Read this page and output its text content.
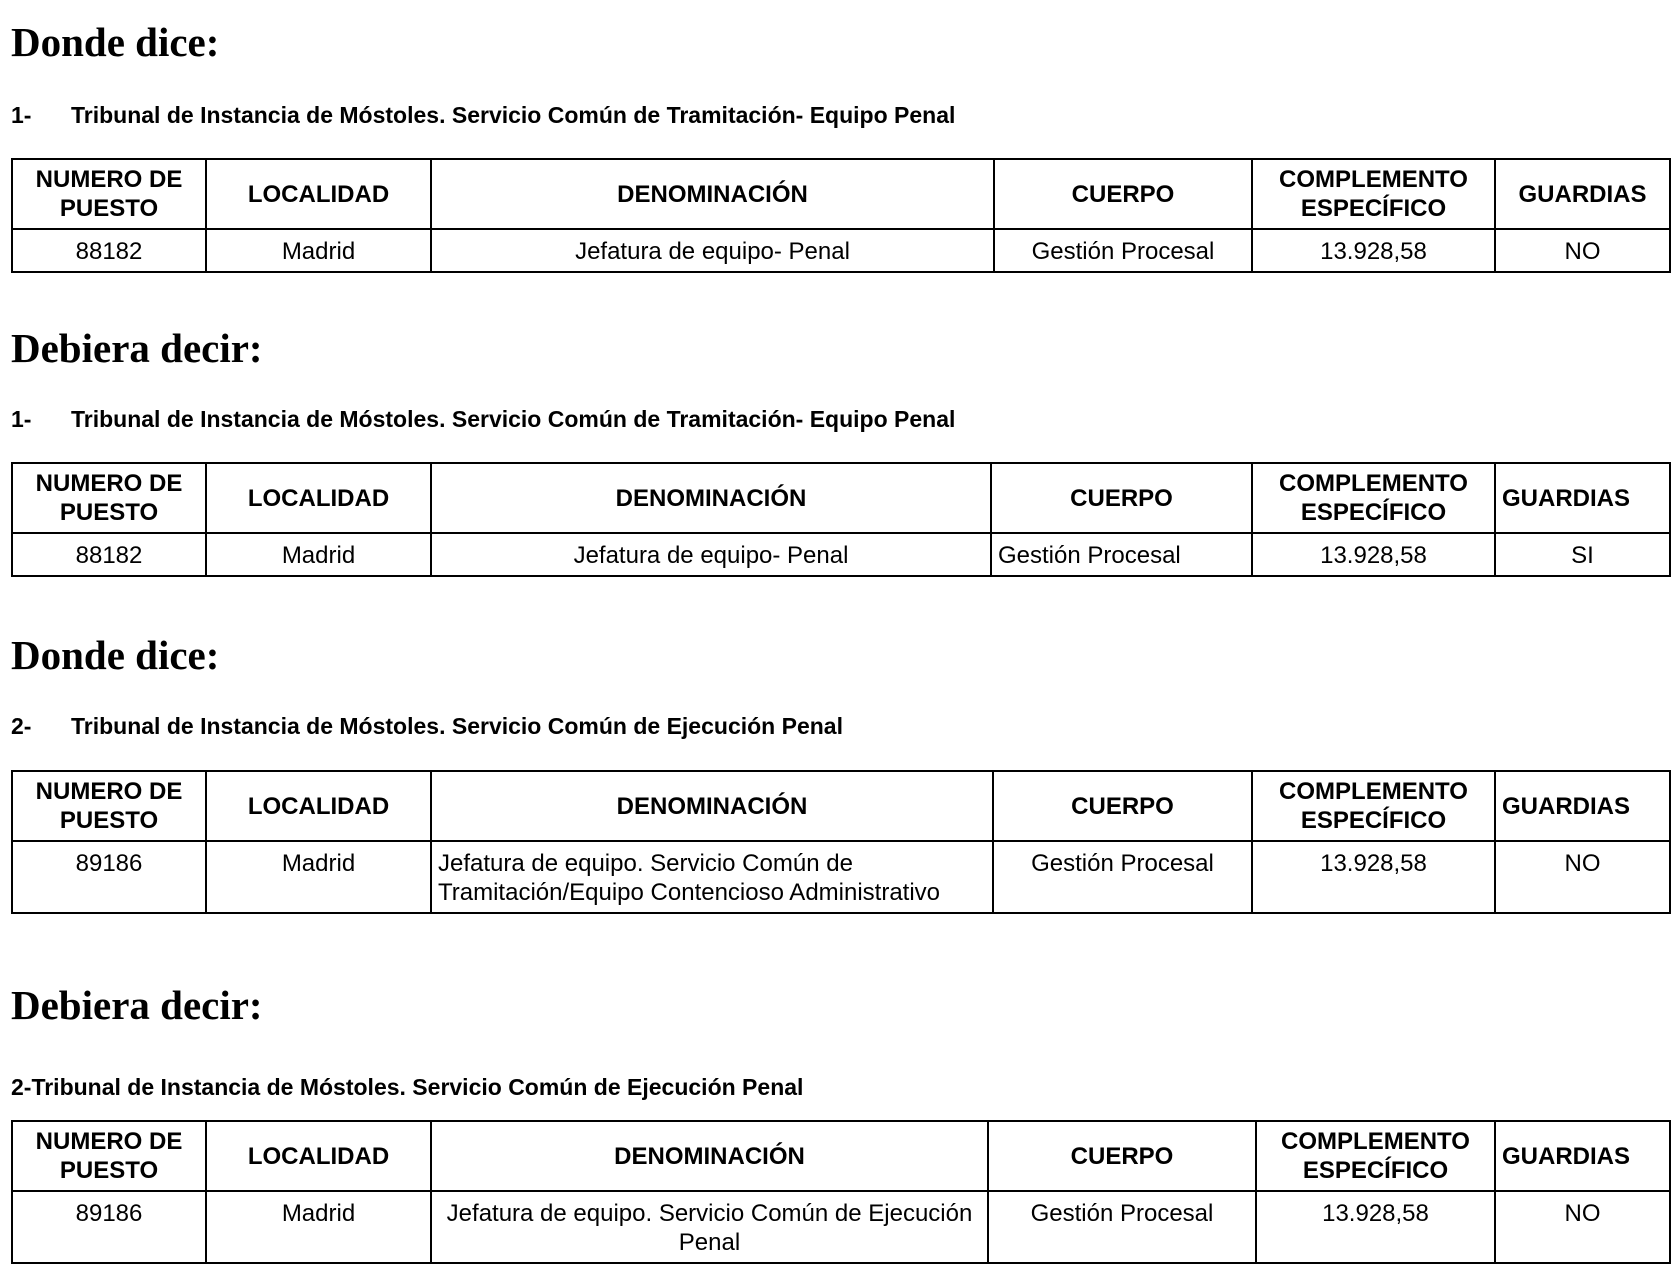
Donde dice:

1- Tribunal de Instancia de Móstoles. Servicio Común de Tramitación- Equipo Penal

NUMERO DE PUESTO	LOCALIDAD	DENOMINACIÓN	CUERPO	COMPLEMENTO ESPECÍFICO	GUARDIAS
88182	Madrid	Jefatura de equipo- Penal	Gestión Procesal	13.928,58	NO
Debiera decir:

1- Tribunal de Instancia de Móstoles. Servicio Común de Tramitación- Equipo Penal

NUMERO DE PUESTO	LOCALIDAD	DENOMINACIÓN	CUERPO	COMPLEMENTO ESPECÍFICO	GUARDIAS
88182	Madrid	Jefatura de equipo- Penal	Gestión Procesal	13.928,58	SI
Donde dice:

2- Tribunal de Instancia de Móstoles. Servicio Común de Ejecución Penal

NUMERO DE PUESTO	LOCALIDAD	DENOMINACIÓN	CUERPO	COMPLEMENTO ESPECÍFICO	GUARDIAS
89186	Madrid	Jefatura de equipo. Servicio Común de Tramitación/Equipo Contencioso Administrativo	Gestión Procesal	13.928,58	NO
Debiera decir:

2-Tribunal de Instancia de Móstoles. Servicio Común de Ejecución Penal

NUMERO DE PUESTO	LOCALIDAD	DENOMINACIÓN	CUERPO	COMPLEMENTO ESPECÍFICO	GUARDIAS
89186	Madrid	Jefatura de equipo. Servicio Común de Ejecución Penal	Gestión Procesal	13.928,58	NO
